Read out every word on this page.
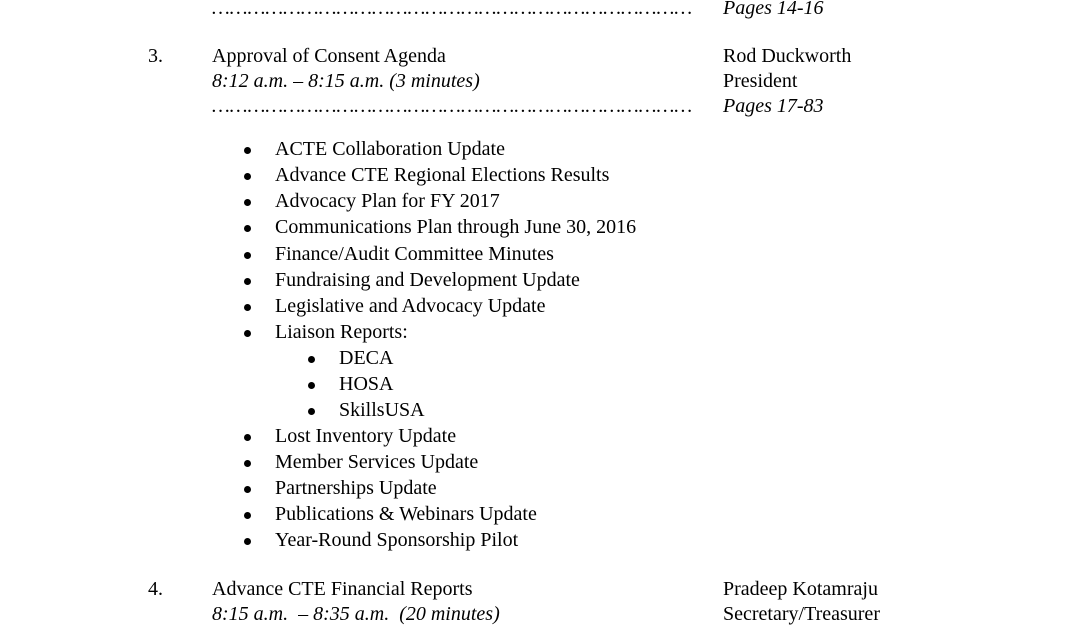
……………………………………………………………………… Pages 14-16
3. Approval of Consent Agenda	Rod Duckworth
8:12 a.m. – 8:15 a.m. (3 minutes)	President
……………………………………………………………………… Pages 17-83
ACTE Collaboration Update
Advance CTE Regional Elections Results
Advocacy Plan for FY 2017
Communications Plan through June 30, 2016
Finance/Audit Committee Minutes
Fundraising and Development Update
Legislative and Advocacy Update
Liaison Reports:
DECA
HOSA
SkillsUSA
Lost Inventory Update
Member Services Update
Partnerships Update
Publications & Webinars Update
Year-Round Sponsorship Pilot
4. Advance CTE Financial Reports	Pradeep Kotamraju
8:15 a.m.  – 8:35 a.m.  (20 minutes)	Secretary/Treasurer
